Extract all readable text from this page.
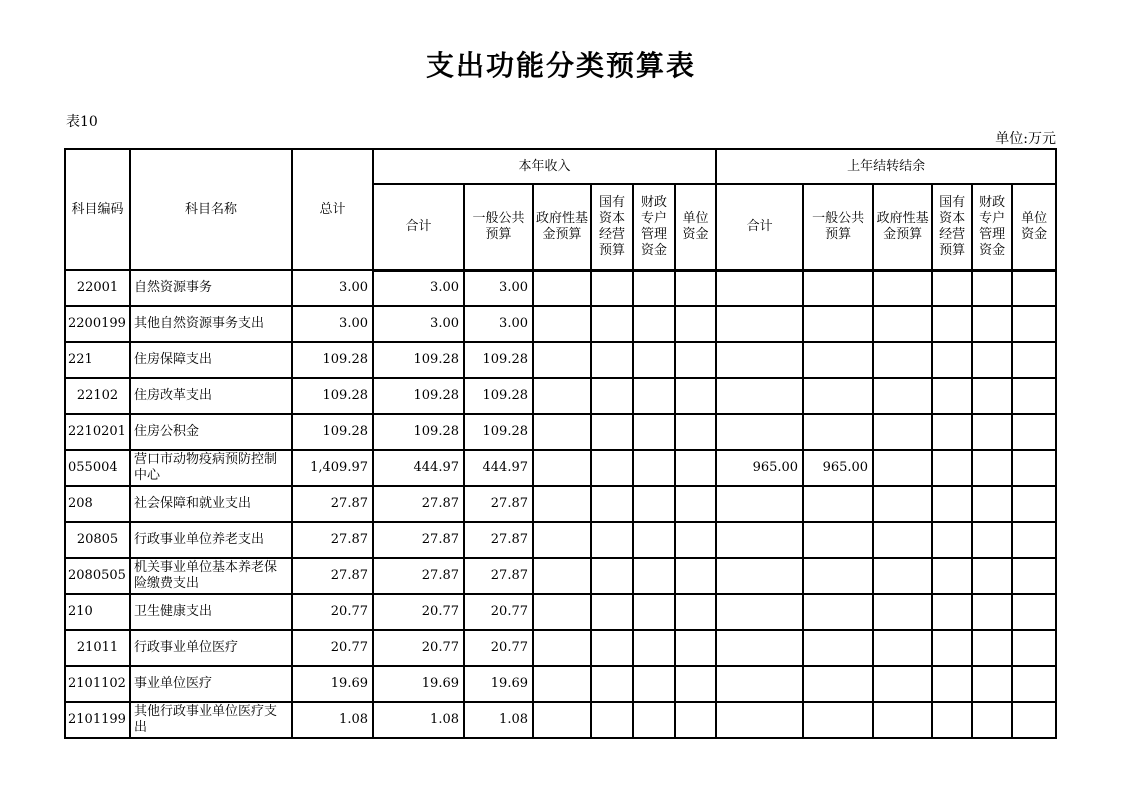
支出功能分类预算表
表10
单位:万元
科目编码	科目名称	总计	本年收入						上年结转结余					
			合计	一般公共预算	政府性基金预算	国有资本经营预算	财政专户管理资金	单位资金	合计	一般公共预算	政府性基金预算	国有资本经营预算	财政专户管理资金	单位资金
22001	自然资源事务	3.00	3.00	3.00										
2200199	其他自然资源事务支出	3.00	3.00	3.00										
221	住房保障支出	109.28	109.28	109.28										
22102	住房改革支出	109.28	109.28	109.28										
2210201	住房公积金	109.28	109.28	109.28										
055004	营口市动物疫病预防控制中心	1,409.97	444.97	444.97					965.00	965.00				
208	社会保障和就业支出	27.87	27.87	27.87										
20805	行政事业单位养老支出	27.87	27.87	27.87										
2080505	机关事业单位基本养老保险缴费支出	27.87	27.87	27.87										
210	卫生健康支出	20.77	20.77	20.77										
21011	行政事业单位医疗	20.77	20.77	20.77										
2101102	事业单位医疗	19.69	19.69	19.69										
2101199	其他行政事业单位医疗支出	1.08	1.08	1.08										
